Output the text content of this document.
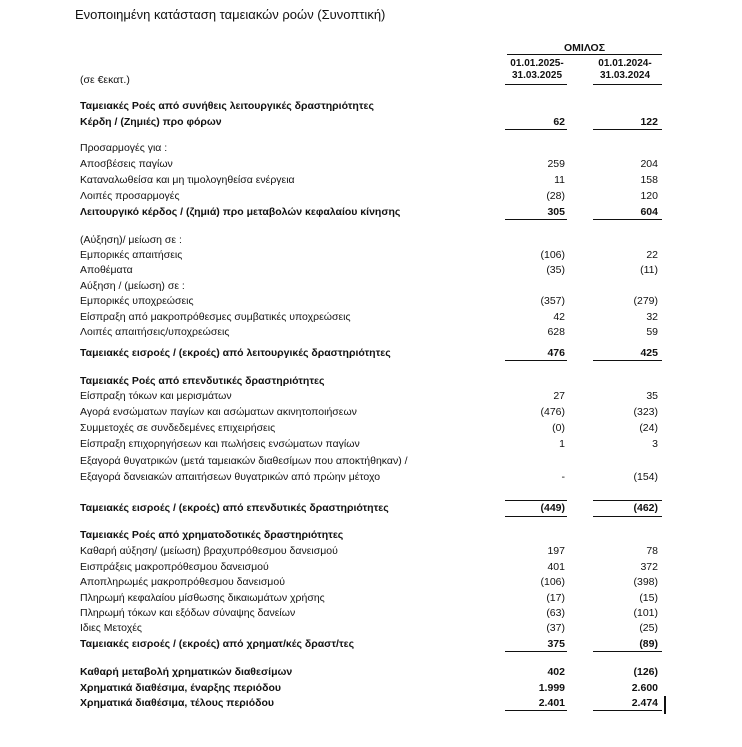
Ενοποιημένη κατάσταση ταμειακών ροών (Συνοπτική)
ΟΜΙΛΟΣ
01.01.2025-
31.03.2025
01.01.2024-
31.03.2024
(σε €εκατ.)
Ταμειακές Ροές από συνήθεις λειτουργικές δραστηριότητες
Κέρδη / (Ζημιές) προ φόρων	62	122
Προσαρμογές για :
Αποσβέσεις παγίων	259	204
Καταναλωθείσα και μη τιμολογηθείσα ενέργεια	11	158
Λοιπές προσαρμογές	(28)	120
Λειτουργικό κέρδος / (ζημιά) προ μεταβολών κεφαλαίου κίνησης	305	604
(Αύξηση)/ μείωση σε :
Εμπορικές απαιτήσεις	(106)	22
Αποθέματα	(35)	(11)
Αύξηση / (μείωση) σε :
Εμπορικές υποχρεώσεις	(357)	(279)
Είσπραξη από μακροπρόθεσμες συμβατικές υποχρεώσεις	42	32
Λοιπές απαιτήσεις/υποχρεώσεις	628	59
Ταμειακές εισροές / (εκροές) από λειτουργικές δραστηριότητες	476	425
Ταμειακές Ροές από επενδυτικές δραστηριότητες
Είσπραξη τόκων και μερισμάτων	27	35
Αγορά ενσώματων παγίων και ασώματων ακινητοποιήσεων	(476)	(323)
Συμμετοχές σε συνδεδεμένες επιχειρήσεις	(0)	(24)
Είσπραξη επιχορηγήσεων και πωλήσεις ενσώματων παγίων	1	3
Εξαγορά θυγατρικών (μετά ταμειακών διαθεσίμων που αποκτήθηκαν) /
Εξαγορά δανειακών απαιτήσεων θυγατρικών από πρώην μέτοχο	-	(154)
Ταμειακές εισροές / (εκροές) από επενδυτικές δραστηριότητες	(449)	(462)
Ταμειακές Ροές από χρηματοδοτικές δραστηριότητες
Καθαρή αύξηση/ (μείωση) βραχυπρόθεσμου δανεισμού	197	78
Εισπράξεις μακροπρόθεσμου δανεισμού	401	372
Αποπληρωμές μακροπρόθεσμου δανεισμού	(106)	(398)
Πληρωμή κεφαλαίου μίσθωσης δικαιωμάτων χρήσης	(17)	(15)
Πληρωμή τόκων και εξόδων σύναψης δανείων	(63)	(101)
Ιδιες Μετοχές	(37)	(25)
Ταμειακές εισροές / (εκροές) από χρηματ/κές δραστ/τες	375	(89)
Καθαρή μεταβολή χρηματικών διαθεσίμων	402	(126)
Χρηματικά διαθέσιμα, έναρξης περιόδου	1.999	2.600
Χρηματικά διαθέσιμα, τέλους περιόδου	2.401	2.474
